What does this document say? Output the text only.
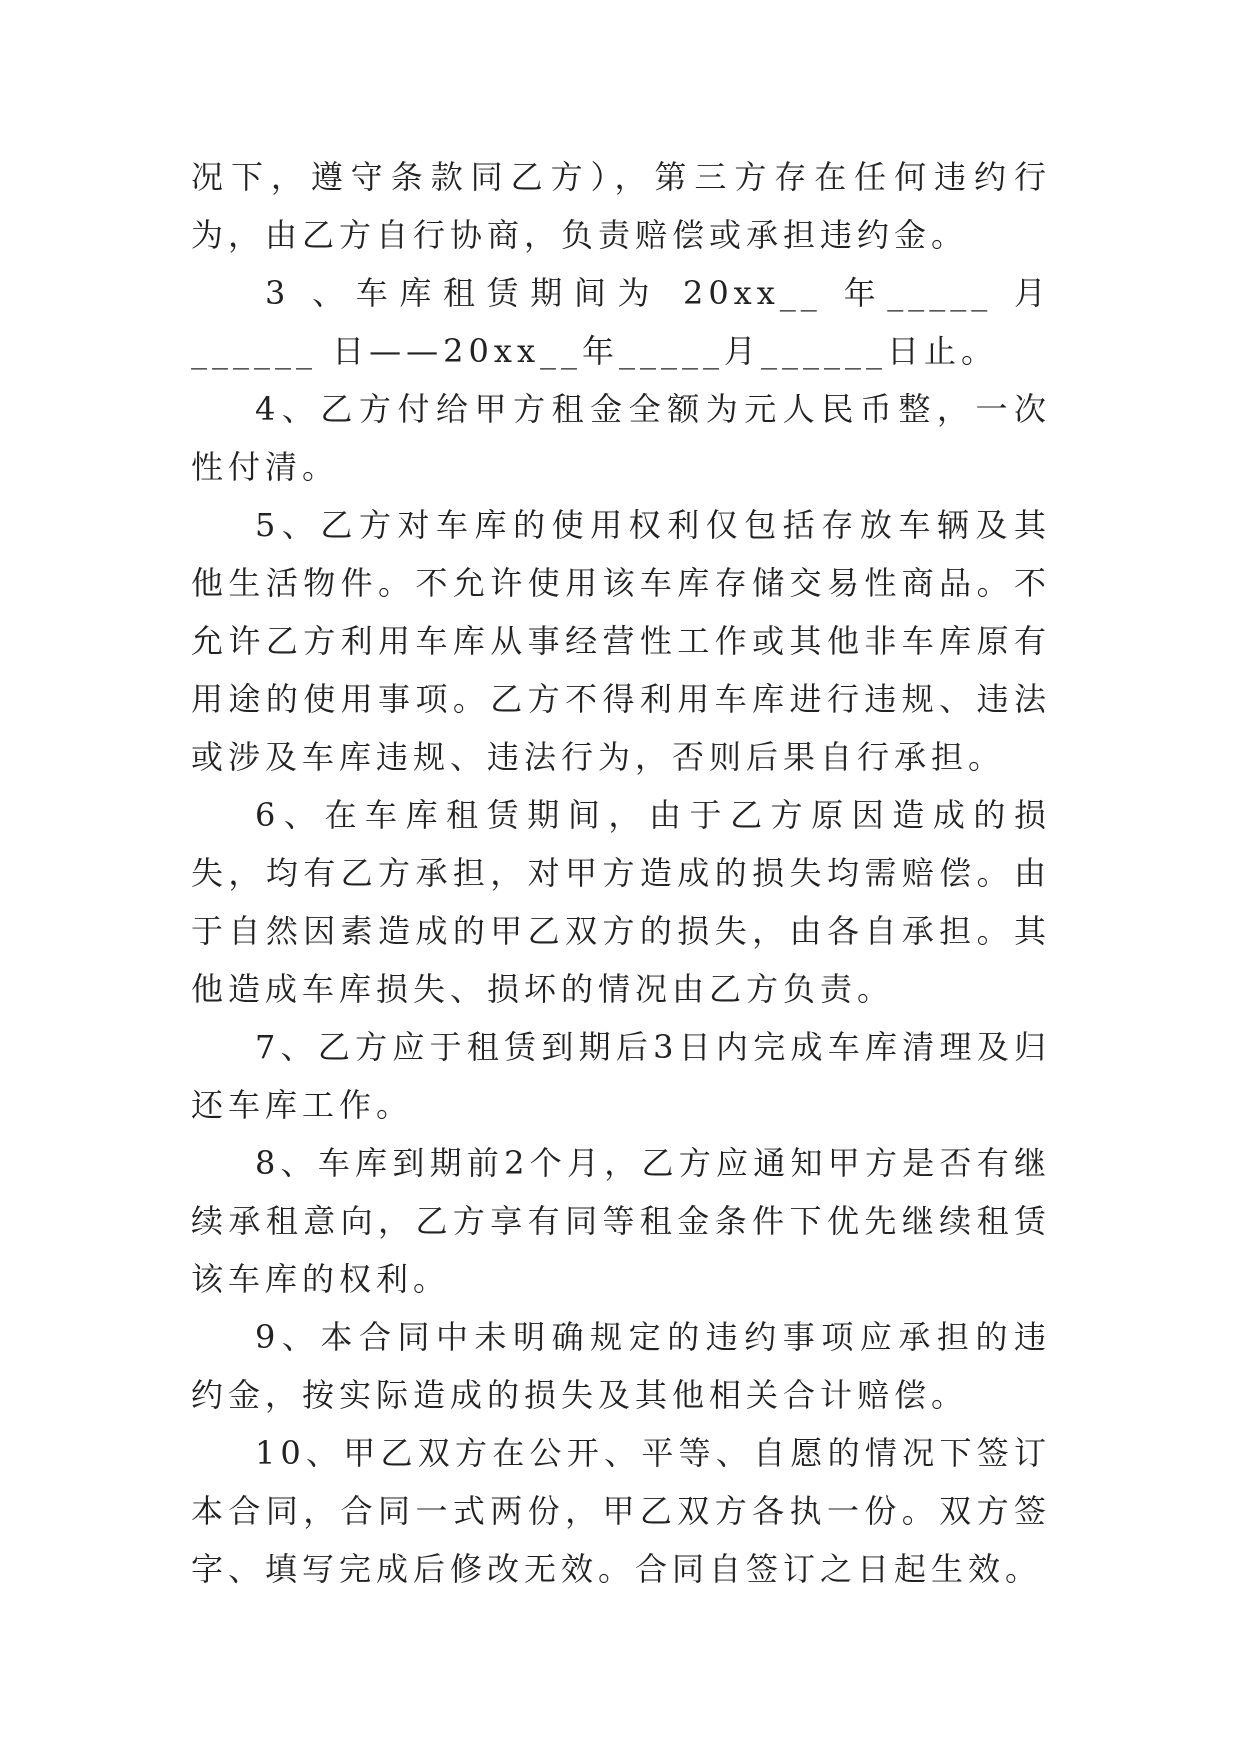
况下，遵守条款同乙方），第三方存在任何违约行为，由乙方自行协商，负责赔偿或承担违约金。

3 、车库租赁期间为 20xx__ 年_____ 月______ 日——20xx__年_____月______日止。

4、乙方付给甲方租金全额为元人民币整，一次性付清。

5、乙方对车库的使用权利仅包括存放车辆及其他生活物件。不允许使用该车库存储交易性商品。不允许乙方利用车库从事经营性工作或其他非车库原有用途的使用事项。乙方不得利用车库进行违规、违法或涉及车库违规、违法行为，否则后果自行承担。

6、在车库租赁期间，由于乙方原因造成的损失，均有乙方承担，对甲方造成的损失均需赔偿。由于自然因素造成的甲乙双方的损失，由各自承担。其他造成车库损失、损坏的情况由乙方负责。

7、乙方应于租赁到期后3日内完成车库清理及归还车库工作。

8、车库到期前2个月，乙方应通知甲方是否有继续承租意向，乙方享有同等租金条件下优先继续租赁该车库的权利。

9、本合同中未明确规定的违约事项应承担的违约金，按实际造成的损失及其他相关合计赔偿。

10、甲乙双方在公开、平等、自愿的情况下签订本合同，合同一式两份，甲乙双方各执一份。双方签字、填写完成后修改无效。合同自签订之日起生效。
